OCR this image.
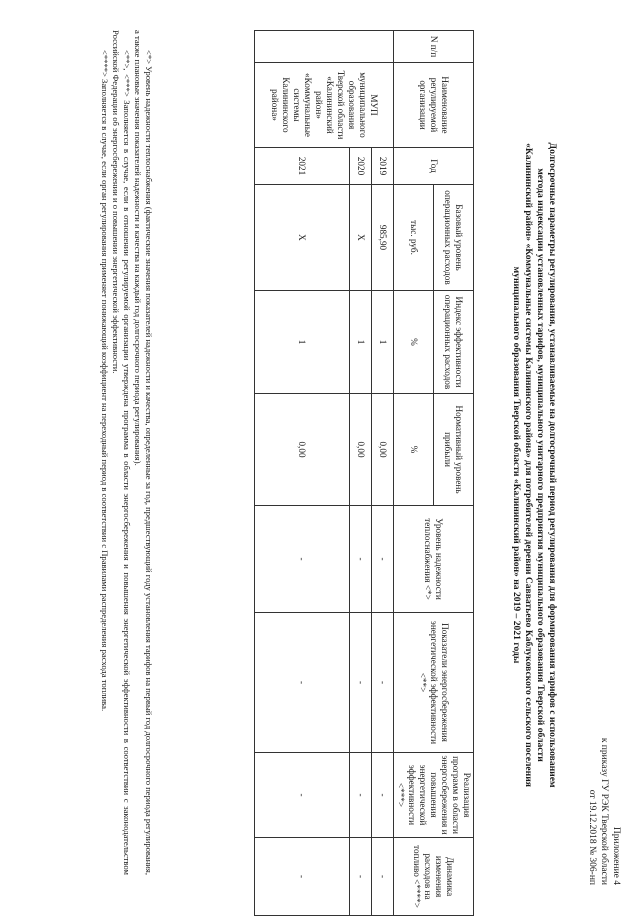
Приложение 4
к приказу ГУ РЭК Тверской области
от 19.12.2018 № 306-нп
Долгосрочные параметры регулирования, устанавливаемые на долгосрочный период регулирования для формирования тарифов с использованием
метода индексации установленных тарифов, муниципального унитарного предприятия муниципального образования Тверской области
«Калининский район» «Коммунальные системы Калининского района» для потребителей деревни Савватьево Каблуковского сельского поселения
муниципального образования Тверской области «Калининский район» на 2019 – 2021 годы
N п/п	Наименование регулируемой организации	Год	Базовый уровень операционных расходов	Индекс эффективности операционных расходов	Нормативный уровень прибыли	Уровень надежности теплоснабжения <*>	Показатели энергосбережения энергетической эффективности <**>	Реализация программ в области энергосбережения и повышения энергетической эффективности <***>	Динамика изменения расходов на топливо <****>
			тыс. руб.	%	%				
	МУП муниципального образования Тверской области «Калининский район» «Коммунальные системы Калининского района»	2019	985,90	1	0,00	-	-	-	-
		2020	Х	1	0,00	-	-	-	-
		2021	Х	1	0,00	-	-	-	-

<*> Уровень надежности теплоснабжения (фактические значения показателей надежности и качества, определенные за год, предшествующий году установления тарифов на первый год долгосрочного периода регулирования, а также плановые значения показателей надежности и качества на каждый год долгосрочного периода регулирования).

<**>, <***> Заполняется в случае, если в отношении регулируемой организации утверждена программа в области энергосбережения и повышения энергетической эффективности в соответствии с законодательством Российской Федерации об энергосбережении и о повышении энергетической эффективности.

<****> Заполняется в случае, если орган регулирования применяет понижающий коэффициент на переходный период в соответствии с Правилами распределения расхода топлива.
